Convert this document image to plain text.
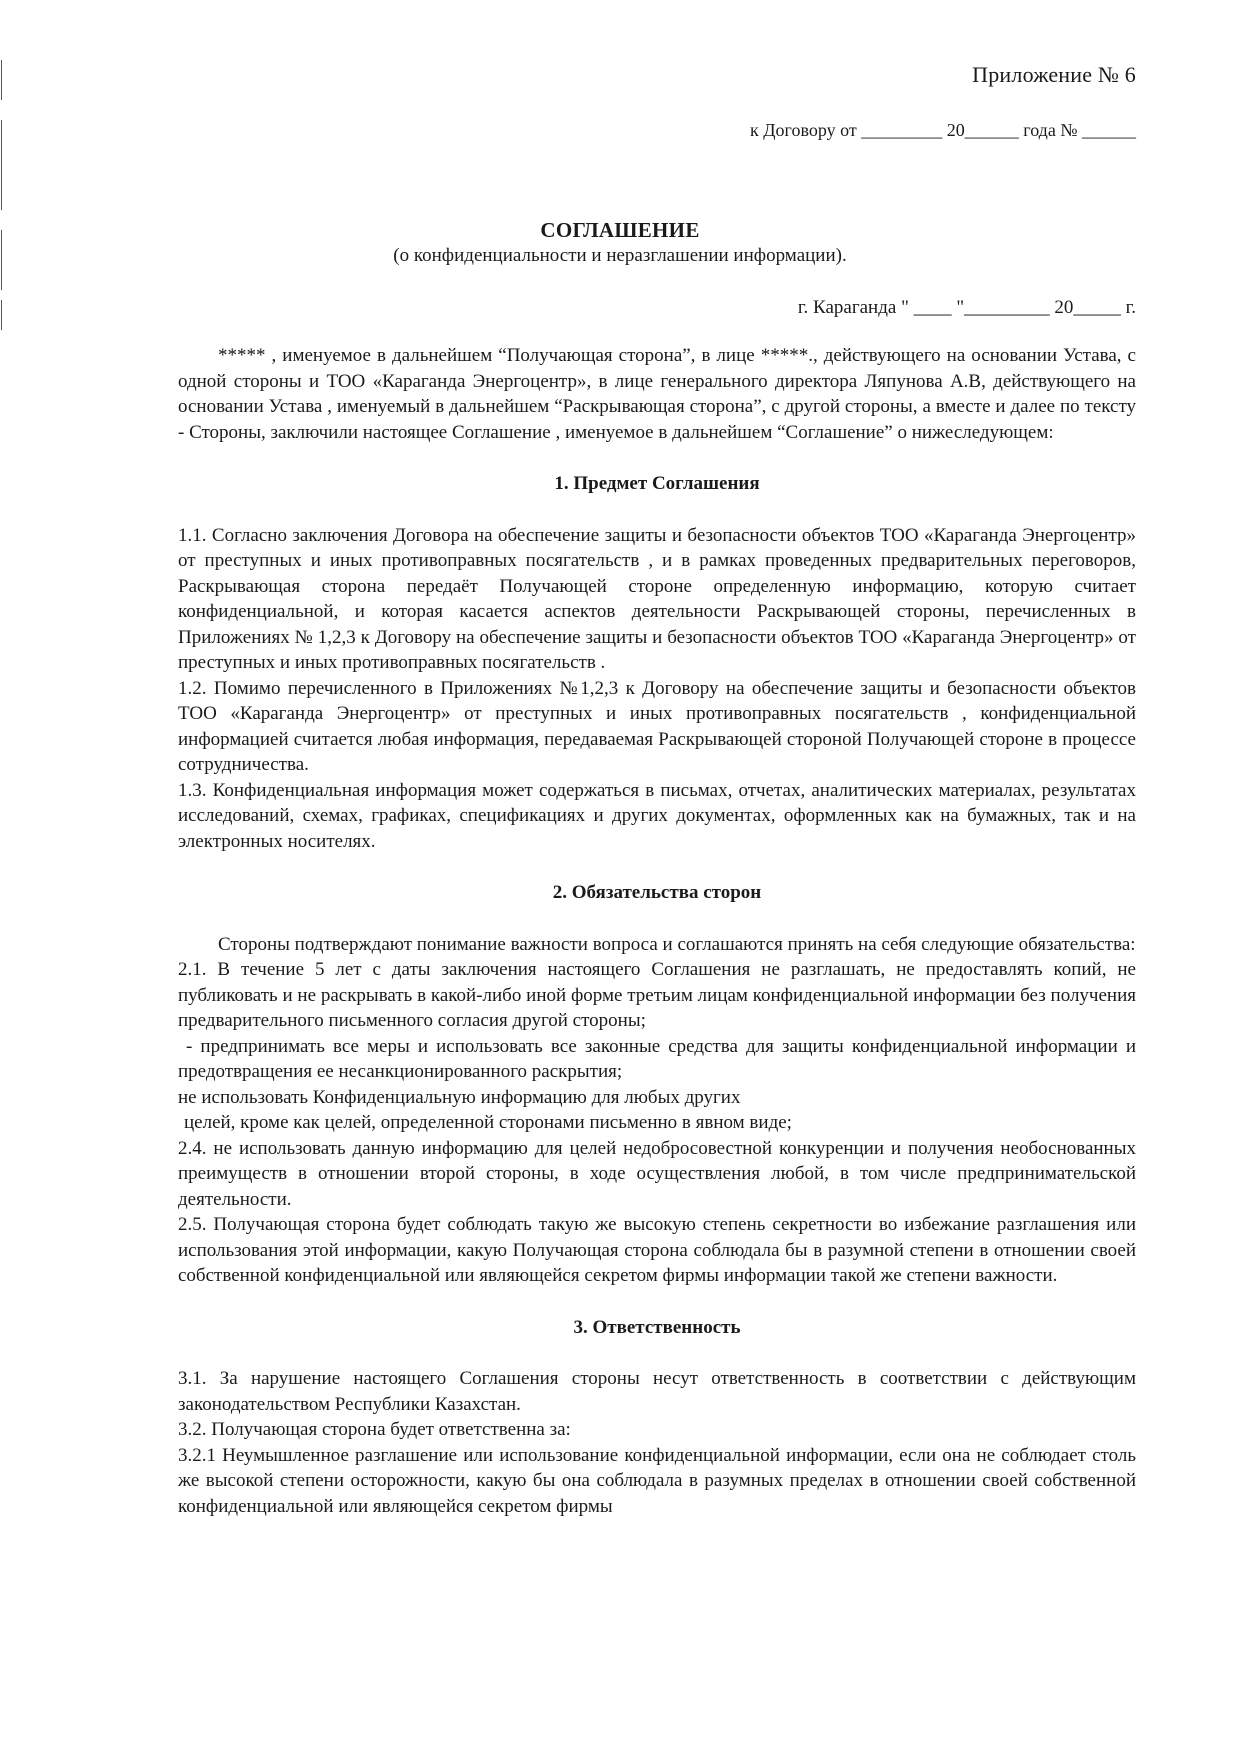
Приложение № 6
к Договору от _________ 20______ года № ______
СОГЛАШЕНИЕ
(о конфиденциальности и неразглашении информации).
г. Караганда " ____ "_________ 20_____ г.

***** , именуемое в дальнейшем “Получающая сторона”, в лице *****., действующего на основании Устава, с одной стороны и ТОО «Караганда Энергоцентр», в лице генерального директора Ляпунова А.В, действующего на основании Устава , именуемый в дальнейшем “Раскрывающая сторона”, с другой стороны, а вместе и далее по тексту - Стороны, заключили настоящее Соглашение , именуемое в дальнейшем “Соглашение” о нижеследующем:

1. Предмет Соглашения

1.1. Согласно заключения Договора на обеспечение защиты и безопасности объектов ТОО «Караганда Энергоцентр» от преступных и иных противоправных посягательств , и в рамках проведенных предварительных переговоров, Раскрывающая сторона передаёт Получающей стороне определенную информацию, которую считает конфиденциальной, и которая касается аспектов деятельности Раскрывающей стороны, перечисленных в Приложениях № 1,2,3 к Договору на обеспечение защиты и безопасности объектов ТОО «Караганда Энергоцентр» от преступных и иных противоправных посягательств .

1.2. Помимо перечисленного в Приложениях №1,2,3 к Договору на обеспечение защиты и безопасности объектов ТОО «Караганда Энергоцентр» от преступных и иных противоправных посягательств , конфиденциальной информацией считается любая информация, передаваемая Раскрывающей стороной Получающей стороне в процессе сотрудничества.

1.3. Конфиденциальная информация может содержаться в письмах, отчетах, аналитических материалах, результатах исследований, схемах, графиках, спецификациях и других документах, оформленных как на бумажных, так и на электронных носителях.

2. Обязательства сторон

Стороны подтверждают понимание важности вопроса и соглашаются принять на себя следующие обязательства:

2.1. В течение 5 лет с даты заключения настоящего Соглашения не разглашать, не предоставлять копий, не публиковать и не раскрывать в какой-либо иной форме третьим лицам конфиденциальной информации без получения предварительного письменного согласия другой стороны;

- предпринимать все меры и использовать все законные средства для защиты конфиденциальной информации и предотвращения ее несанкционированного раскрытия;

не использовать Конфиденциальную информацию для любых других

целей, кроме как целей, определенной сторонами письменно в явном виде;

2.4. не использовать данную информацию для целей недобросовестной конкуренции и получения необоснованных преимуществ в отношении второй стороны, в ходе осуществления любой, в том числе предпринимательской деятельности.

2.5. Получающая сторона будет соблюдать такую же высокую степень секретности во избежание разглашения или использования этой информации, какую Получающая сторона соблюдала бы в разумной степени в отношении своей собственной конфиденциальной или являющейся секретом фирмы информации такой же степени важности.

3. Ответственность

3.1. За нарушение настоящего Соглашения стороны несут ответственность в соответствии с действующим законодательством Республики Казахстан.

3.2. Получающая сторона будет ответственна за:

3.2.1 Неумышленное разглашение или использование конфиденциальной информации, если она не соблюдает столь же высокой степени осторожности, какую бы она соблюдала в разумных пределах в отношении своей собственной конфиденциальной или являющейся секретом фирмы
